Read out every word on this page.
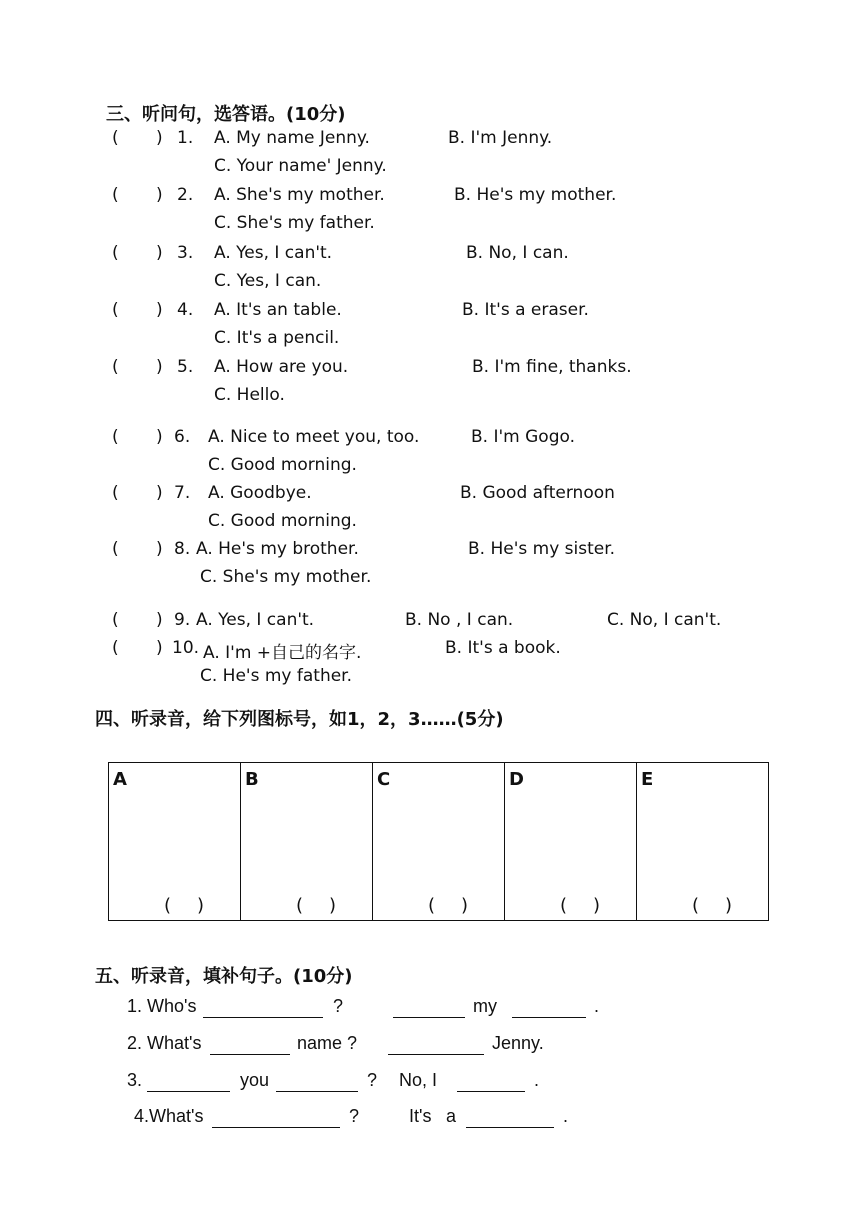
三、听问句，选答语。(10分)
( ) 1. A. My name Jenny.	B. I'm Jenny.
C. Your name' Jenny.
( ) 2. A. She's my mother.	B. He's my mother.
C. She's my father.
( ) 3. A. Yes, I can't.	B. No, I can.
C. Yes, I can.
( ) 4. A. It's an table.	B. It's a eraser.
C. It's a pencil.
( ) 5. A. How are you.	B. I'm fine, thanks.
C. Hello.
( ) 6. A. Nice to meet you, too.	B. I'm Gogo.
C. Good morning.
( ) 7. A. Goodbye.	B. Good afternoon
C. Good morning.
( ) 8. A. He's my brother.	B. He's my sister.
C. She's my mother.
( ) 9. A. Yes, I can't.	B. No , I can.	C. No, I can't.
( ) 10. A. I'm +自己的名字.	B. It's a book.
C. He's my father.
四、听录音，给下列图标号，如1，2，3……(5分)
A
()

B
()

C
()

D
()

E
()
五、听录音，填补句子。(10分)
1. Who's	?	my	.
2. What's	name ?	Jenny.
3.	you	? No, I	.
4.What's	?	It's a	.
